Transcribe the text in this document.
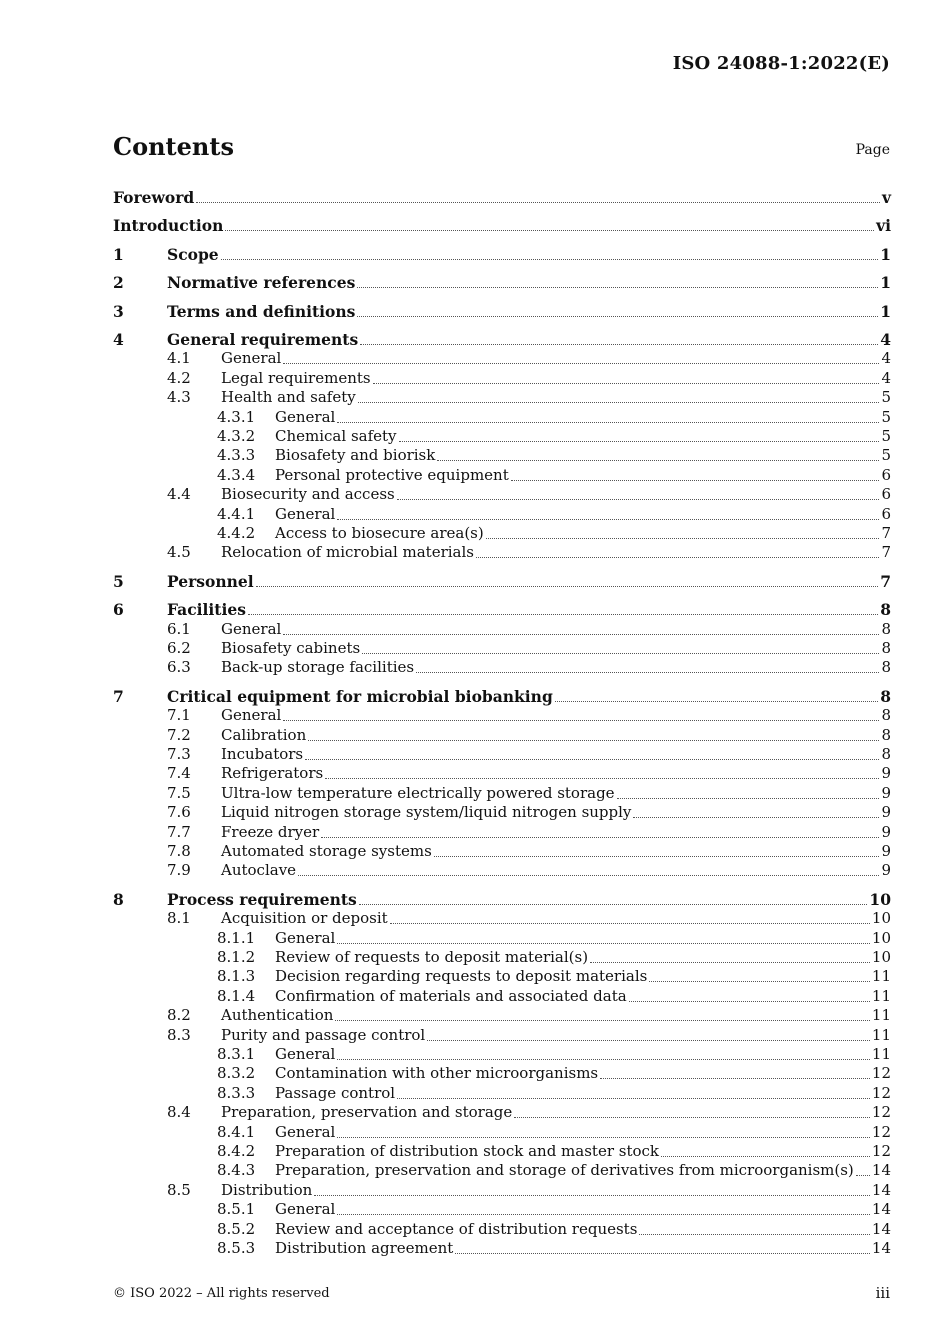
ISO 24088-1:2022(E)
Contents	Page
Foreword	v
Introduction	vi
1	Scope	1
2	Normative references	1
3	Terms and definitions	1
4	General requirements	4
4.1	General	4
4.2	Legal requirements	4
4.3	Health and safety	5
4.3.1	General	5
4.3.2	Chemical safety	5
4.3.3	Biosafety and biorisk	5
4.3.4	Personal protective equipment	6
4.4	Biosecurity and access	6
4.4.1	General	6
4.4.2	Access to biosecure area(s)	7
4.5	Relocation of microbial materials	7
5	Personnel	7
6	Facilities	8
6.1	General	8
6.2	Biosafety cabinets	8
6.3	Back-up storage facilities	8
7	Critical equipment for microbial biobanking	8
7.1	General	8
7.2	Calibration	8
7.3	Incubators	8
7.4	Refrigerators	9
7.5	Ultra-low temperature electrically powered storage	9
7.6	Liquid nitrogen storage system/liquid nitrogen supply	9
7.7	Freeze dryer	9
7.8	Automated storage systems	9
7.9	Autoclave	9
8	Process requirements	10
8.1	Acquisition or deposit	10
8.1.1	General	10
8.1.2	Review of requests to deposit material(s)	10
8.1.3	Decision regarding requests to deposit materials	11
8.1.4	Confirmation of materials and associated data	11
8.2	Authentication	11
8.3	Purity and passage control	11
8.3.1	General	11
8.3.2	Contamination with other microorganisms	12
8.3.3	Passage control	12
8.4	Preparation, preservation and storage	12
8.4.1	General	12
8.4.2	Preparation of distribution stock and master stock	12
8.4.3	Preparation, preservation and storage of derivatives from microorganism(s) 14
8.5	Distribution	14
8.5.1	General	14
8.5.2	Review and acceptance of distribution requests	14
8.5.3	Distribution agreement	14
© ISO 2022 – All rights reserved	iii
